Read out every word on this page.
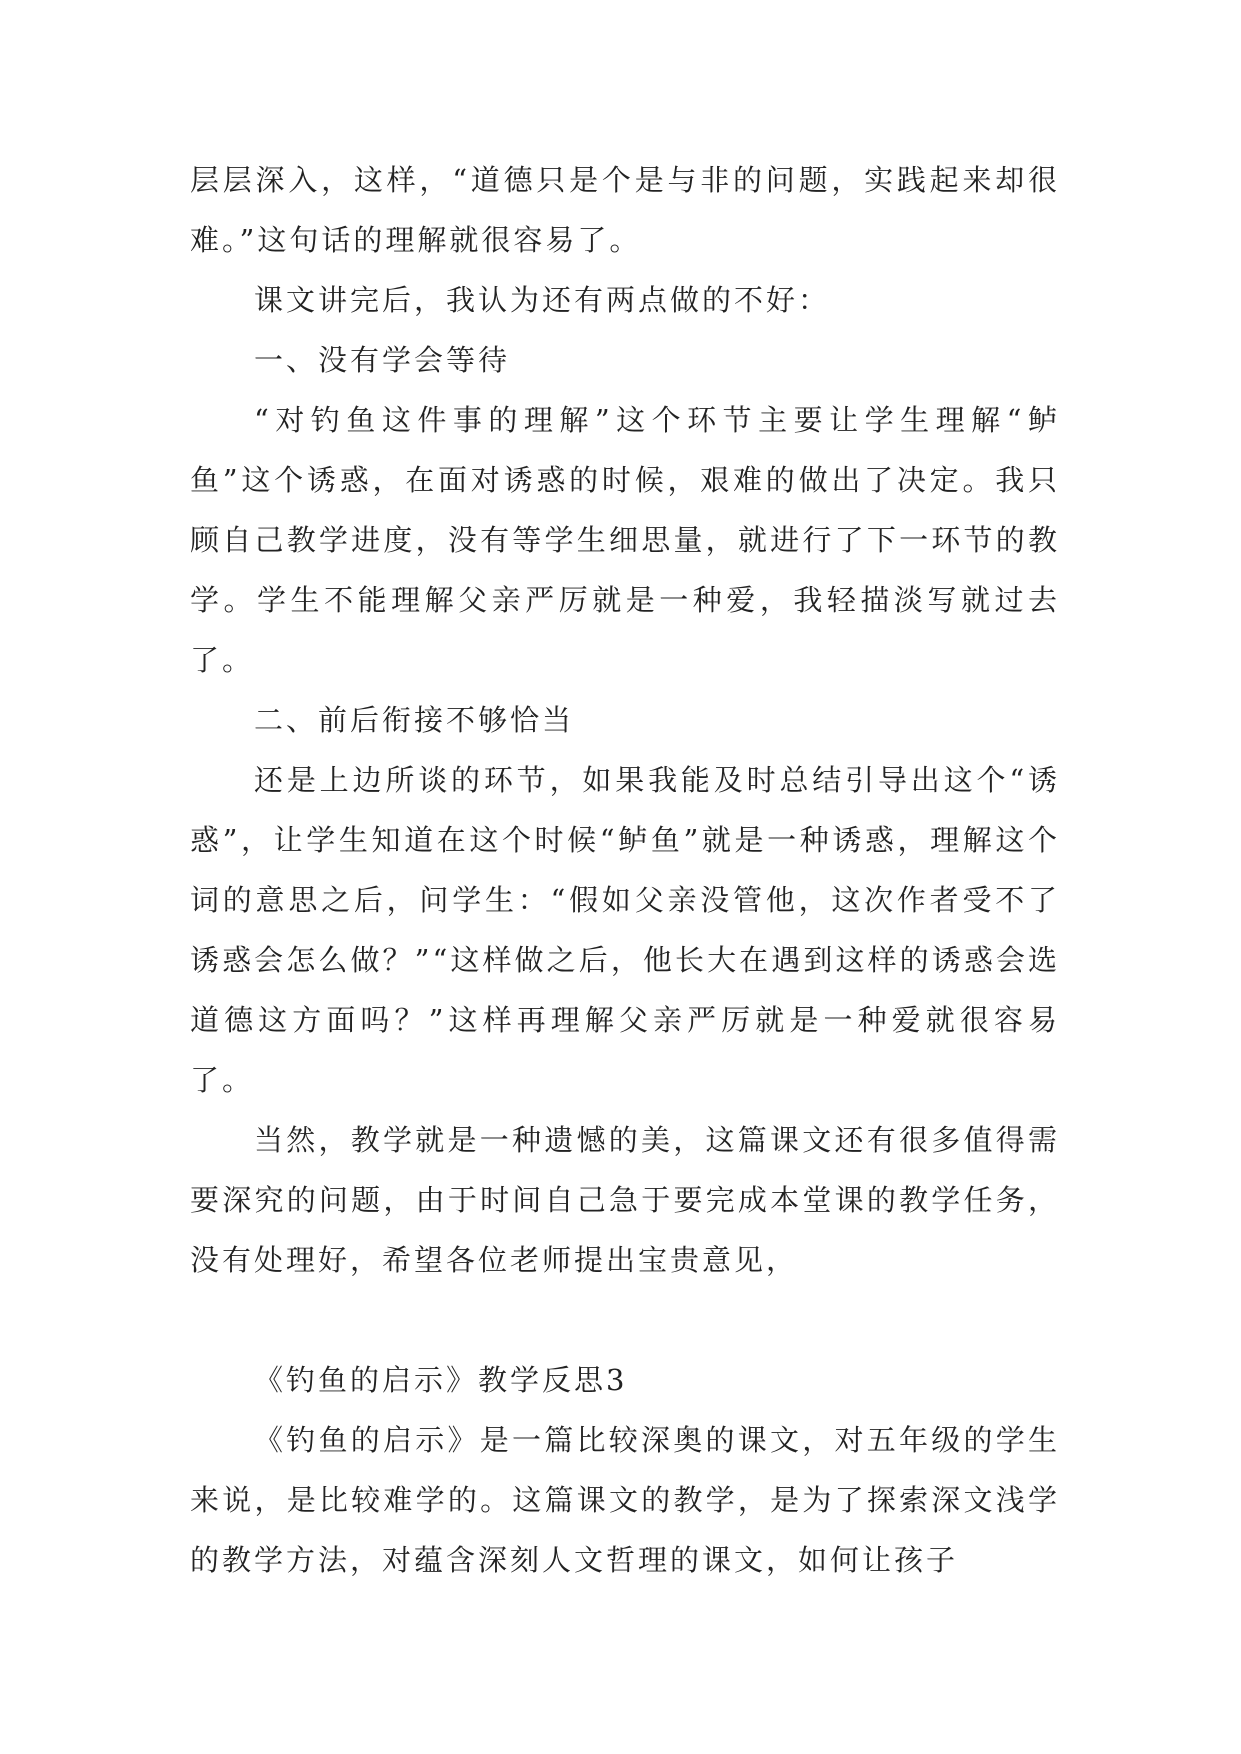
层层深入，这样，“道德只是个是与非的问题，实践起来却很难。”这句话的理解就很容易了。

课文讲完后，我认为还有两点做的不好：

一、没有学会等待

“对钓鱼这件事的理解”这个环节主要让学生理解“鲈鱼”这个诱惑，在面对诱惑的时候，艰难的做出了决定。我只顾自己教学进度，没有等学生细思量，就进行了下一环节的教学。学生不能理解父亲严厉就是一种爱，我轻描淡写就过去了。

二、前后衔接不够恰当

还是上边所谈的环节，如果我能及时总结引导出这个“诱惑”，让学生知道在这个时候“鲈鱼”就是一种诱惑，理解这个词的意思之后，问学生：“假如父亲没管他，这次作者受不了诱惑会怎么做？”“这样做之后，他长大在遇到这样的诱惑会选道德这方面吗？”这样再理解父亲严厉就是一种爱就很容易了。

当然，教学就是一种遗憾的美，这篇课文还有很多值得需要深究的问题，由于时间自己急于要完成本堂课的教学任务，没有处理好，希望各位老师提出宝贵意见，

《钓鱼的启示》教学反思3

《钓鱼的启示》是一篇比较深奥的课文，对五年级的学生来说，是比较难学的。这篇课文的教学，是为了探索深文浅学的教学方法，对蕴含深刻人文哲理的课文，如何让孩子
